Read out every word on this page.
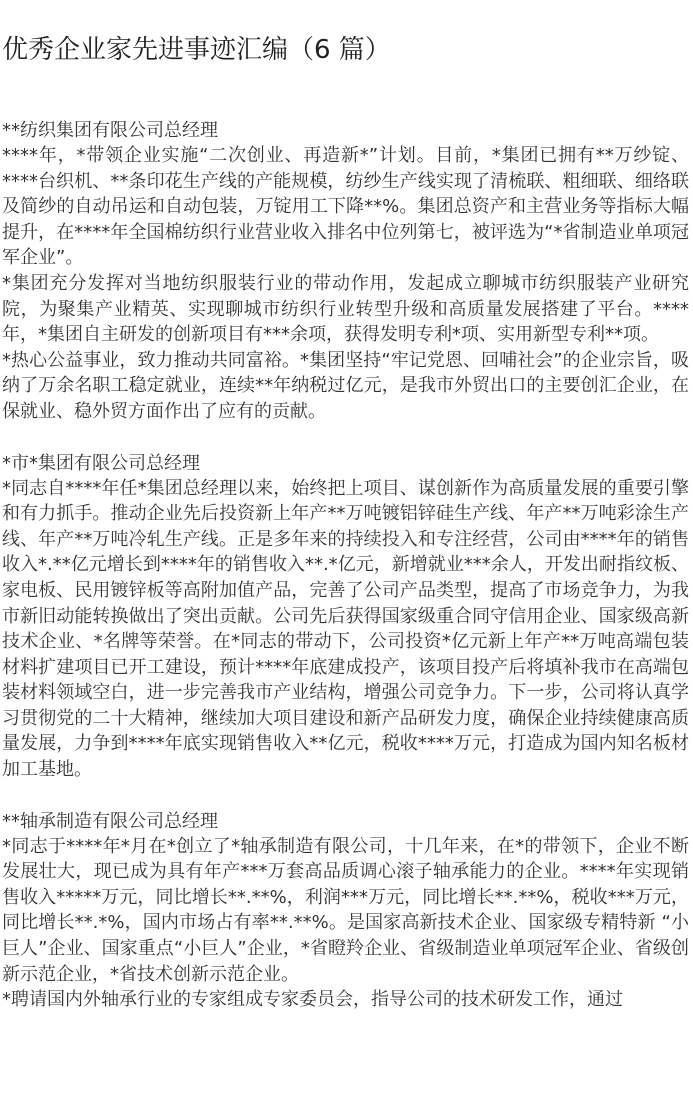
优秀企业家先进事迹汇编（6 篇）

**纺织集团有限公司总经理

****年，*带领企业实施“二次创业、再造新*”计划。目前，*集团已拥有**万纱锭、****台织机、**条印花生产线的产能规模，纺纱生产线实现了清梳联、粗细联、细络联及简纱的自动吊运和自动包装，万锭用工下降**%。集团总资产和主营业务等指标大幅提升，在****年全国棉纺织行业营业收入排名中位列第七，被评选为“*省制造业单项冠军企业”。

*集团充分发挥对当地纺织服装行业的带动作用，发起成立聊城市纺织服装产业研究院，为聚集产业精英、实现聊城市纺织行业转型升级和高质量发展搭建了平台。****年，*集团自主研发的创新项目有***余项，获得发明专利*项、实用新型专利**项。

*热心公益事业，致力推动共同富裕。*集团坚持“牢记党恩、回哺社会”的企业宗旨，吸纳了万余名职工稳定就业，连续**年纳税过亿元，是我市外贸出口的主要创汇企业，在保就业、稳外贸方面作出了应有的贡献。

*市*集团有限公司总经理

*同志自****年任*集团总经理以来，始终把上项目、谋创新作为高质量发展的重要引擎和有力抓手。推动企业先后投资新上年产**万吨镀铝锌硅生产线、年产**万吨彩涂生产线、年产**万吨冷轧生产线。正是多年来的持续投入和专注经营，公司由****年的销售收入*.**亿元增长到****年的销售收入**.*亿元，新增就业***余人，开发出耐指纹板、家电板、民用镀锌板等高附加值产品，完善了公司产品类型，提高了市场竞争力，为我市新旧动能转换做出了突出贡献。公司先后获得国家级重合同守信用企业、国家级高新技术企业、*名牌等荣誉。在*同志的带动下，公司投资*亿元新上年产**万吨高端包装材料扩建项目已开工建设，预计****年底建成投产，该项目投产后将填补我市在高端包装材料领域空白，进一步完善我市产业结构，增强公司竞争力。下一步，公司将认真学习贯彻党的二十大精神，继续加大项目建设和新产品研发力度，确保企业持续健康高质量发展，力争到****年底实现销售收入**亿元，税收****万元，打造成为国内知名板材加工基地。

**轴承制造有限公司总经理

*同志于****年*月在*创立了*轴承制造有限公司，十几年来，在*的带领下，企业不断发展壮大，现已成为具有年产***万套高品质调心滚子轴承能力的企业。****年实现销售收入*****万元，同比增长**.**%，利润***万元，同比增长**.**%，税收***万元，同比增长**.*%，国内市场占有率**.**%。是国家高新技术企业、国家级专精特新 “小巨人”企业、国家重点“小巨人”企业，*省瞪羚企业、省级制造业单项冠军企业、省级创新示范企业，*省技术创新示范企业。

*聘请国内外轴承行业的专家组成专家委员会，指导公司的技术研发工作，通过
